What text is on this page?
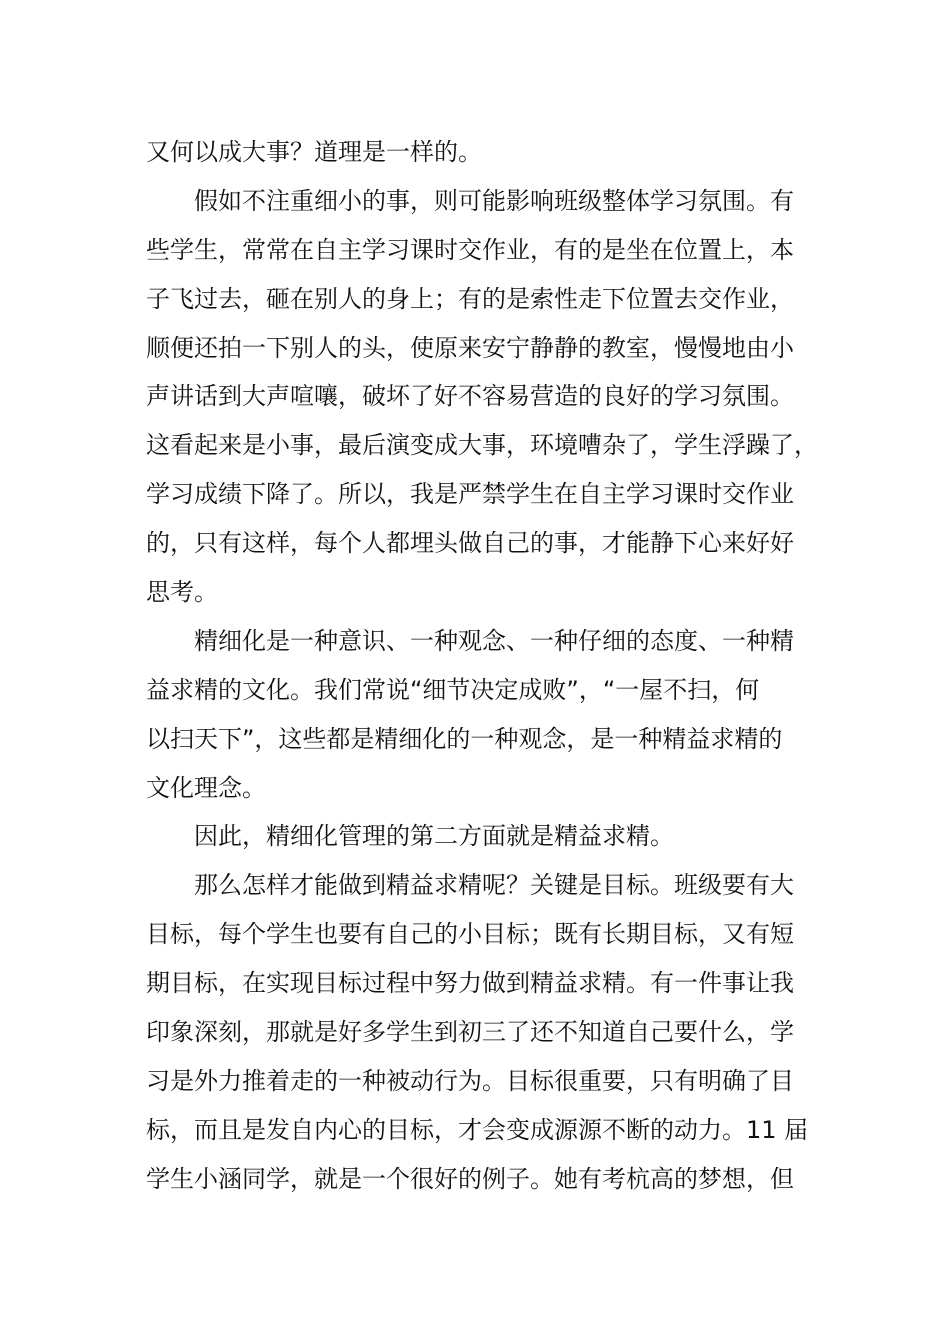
又何以成大事？道理是一样的。

假如不注重细小的事，则可能影响班级整体学习氛围。有

些学生，常常在自主学习课时交作业，有的是坐在位置上，本

子飞过去，砸在别人的身上；有的是索性走下位置去交作业，

顺便还拍一下别人的头，使原来安宁静静的教室，慢慢地由小

声讲话到大声喧嚷，破坏了好不容易营造的良好的学习氛围。

这看起来是小事，最后演变成大事，环境嘈杂了，学生浮躁了，

学习成绩下降了。所以，我是严禁学生在自主学习课时交作业

的，只有这样，每个人都埋头做自己的事，才能静下心来好好

思考。

精细化是一种意识、一种观念、一种仔细的态度、一种精

益求精的文化。我们常说“细节决定成败”，“一屋不扫，何

以扫天下”，这些都是精细化的一种观念，是一种精益求精的

文化理念。

因此，精细化管理的第二方面就是精益求精。

那么怎样才能做到精益求精呢？关键是目标。班级要有大

目标，每个学生也要有自己的小目标；既有长期目标，又有短

期目标，在实现目标过程中努力做到精益求精。有一件事让我

印象深刻，那就是好多学生到初三了还不知道自己要什么，学

习是外力推着走的一种被动行为。目标很重要，只有明确了目

标，而且是发自内心的目标，才会变成源源不断的动力。11 届

学生小涵同学，就是一个很好的例子。她有考杭高的梦想，但
